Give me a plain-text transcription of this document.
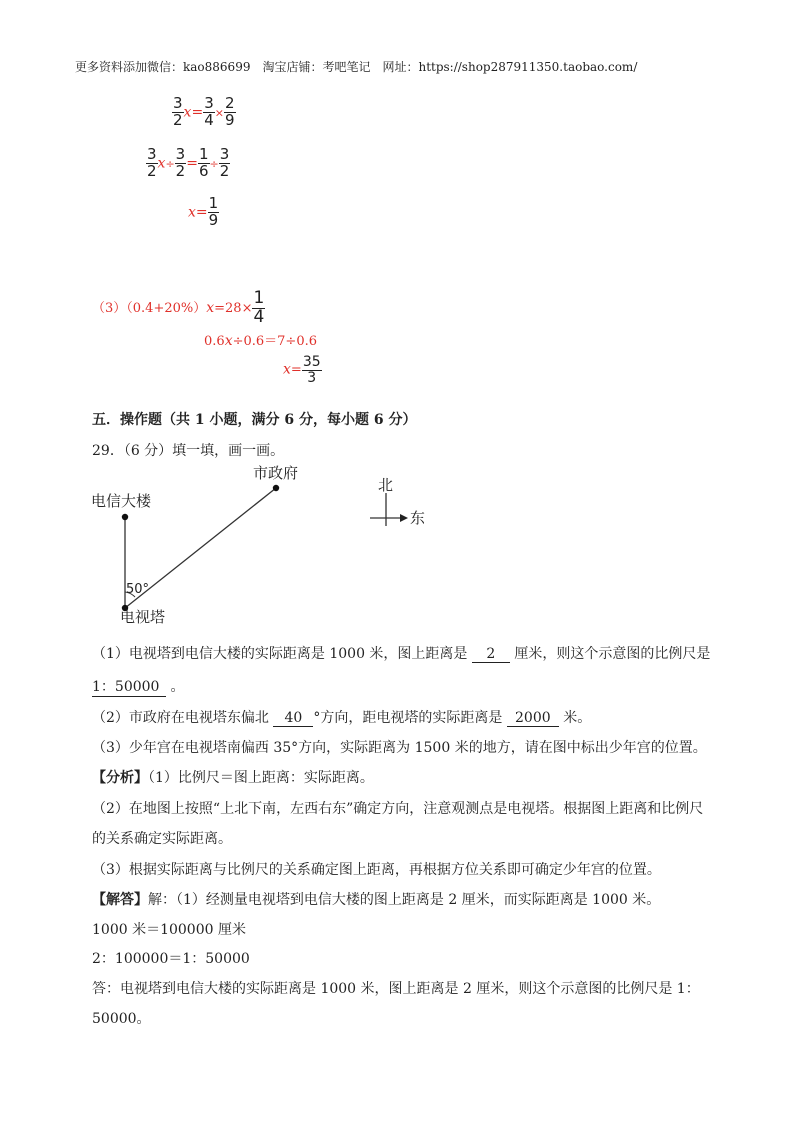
更多资料添加微信：kao886699　淘宝店铺：考吧笔记　网址：https://shop287911350.taobao.com/
$\frac{3}{2} x= \frac{3}{4} \times \frac{2}{9}$
$\frac{3}{2} x\div \frac{3}{2} = \frac{1}{6} \div \frac{3}{2}$
$x= \frac{1}{9}$
$(3)(0.4+20\%)x=28\times \frac{1}{4}$
0.6x÷0.6＝7÷0.6
$x= \frac{35}{3}$
五．操作题（共 1 小题，满分 6 分，每小题 6 分）
29．（6 分）填一填，画一画。
电信大楼
市政府
50°
电视塔
北
东
（1）电视塔到电信大楼的实际距离是 1000 米，图上距离是 2 厘米，则这个示意图的比例尺是
1：50000 。
（2）市政府在电视塔东偏北 40 °方向，距电视塔的实际距离是 2000 米。
（3）少年宫在电视塔南偏西 35°方向，实际距离为 1500 米的地方，请在图中标出少年宫的位置。
【分析】（1）比例尺＝图上距离：实际距离。
（2）在地图上按照“上北下南，左西右东”确定方向，注意观测点是电视塔。根据图上距离和比例尺
的关系确定实际距离。
（3）根据实际距离与比例尺的关系确定图上距离，再根据方位关系即可确定少年宫的位置。
【解答】解：（1）经测量电视塔到电信大楼的图上距离是 2 厘米，而实际距离是 1000 米。
1000 米＝100000 厘米
2：100000＝1：50000
答：电视塔到电信大楼的实际距离是 1000 米，图上距离是 2 厘米，则这个示意图的比例尺是 1：
50000。
